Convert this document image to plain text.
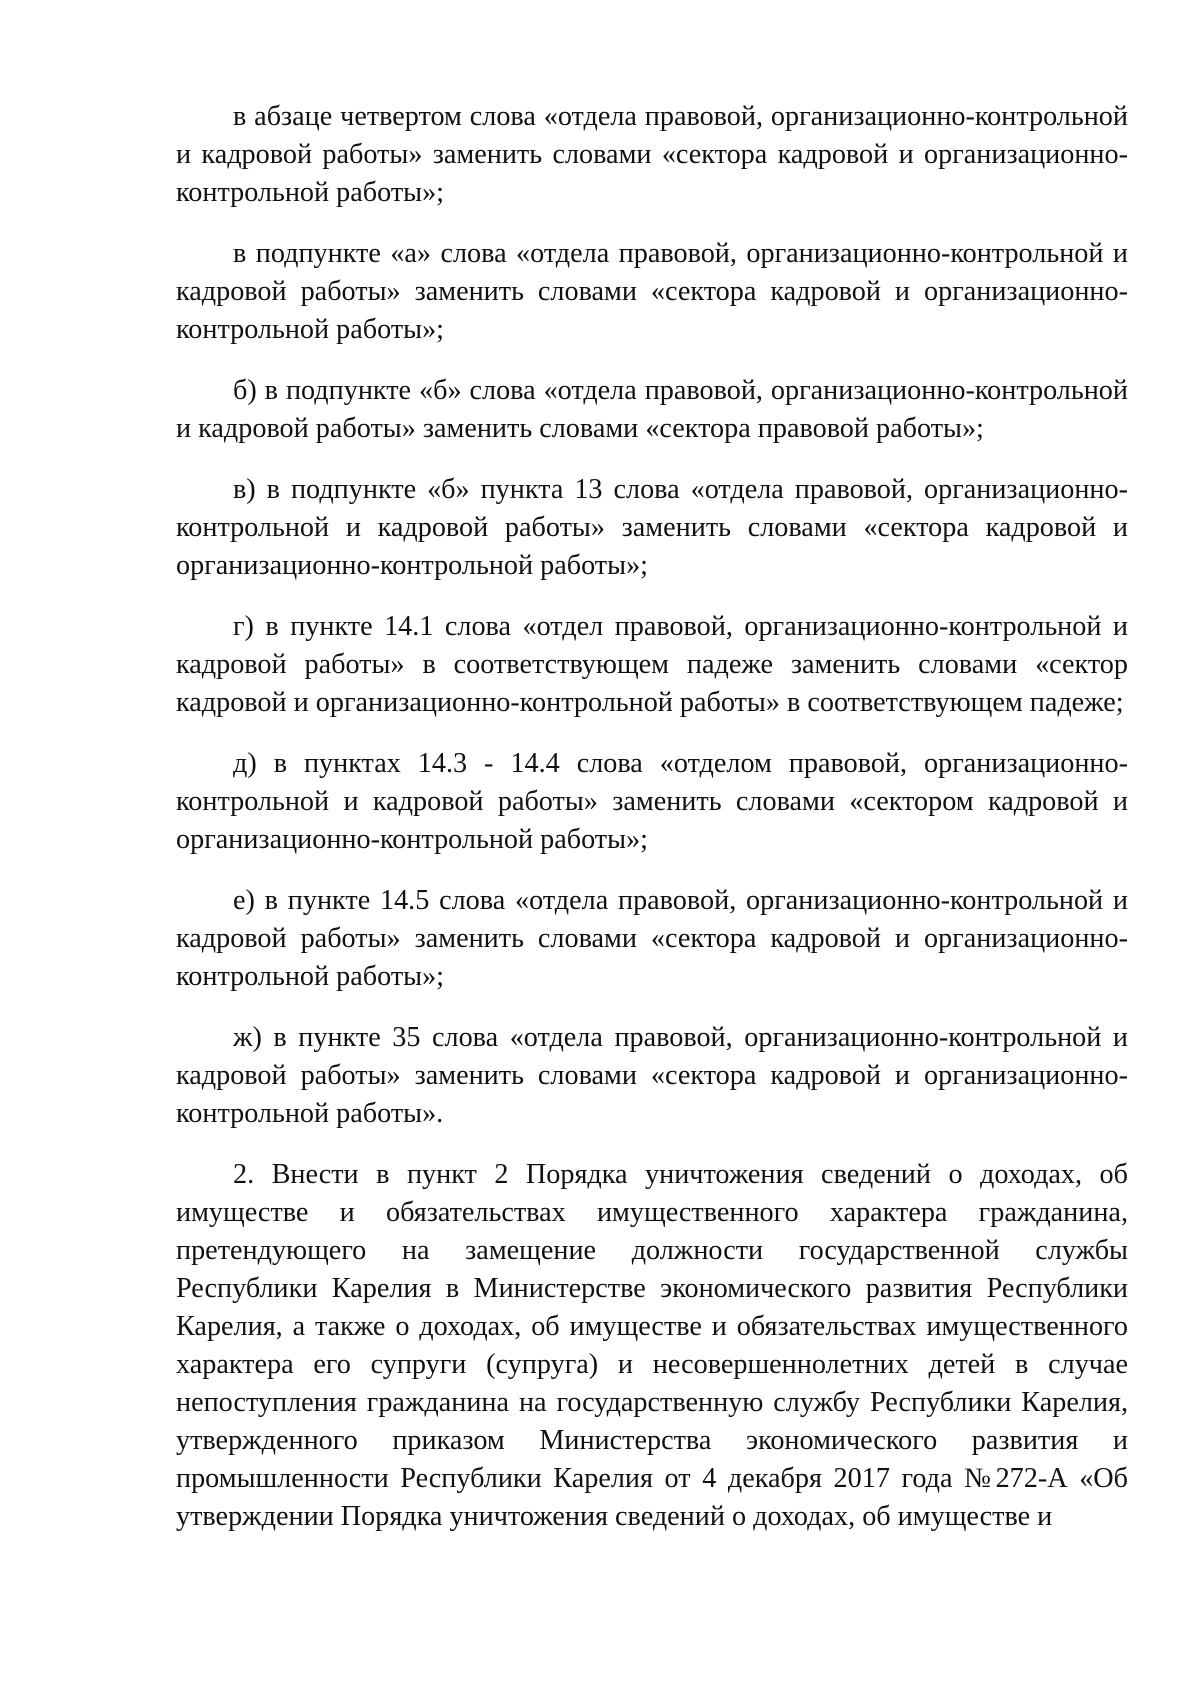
в абзаце четвертом слова «отдела правовой, организационно-контрольной и кадровой работы» заменить словами «сектора кадровой и организационно-контрольной работы»;

в подпункте «а» слова «отдела правовой, организационно-контрольной и кадровой работы» заменить словами «сектора кадровой и организационно-контрольной работы»;

б) в подпункте «б» слова «отдела правовой, организационно-контрольной и кадровой работы» заменить словами «сектора правовой работы»;

в) в подпункте «б» пункта 13 слова «отдела правовой, организационно-контрольной и кадровой работы» заменить словами «сектора кадровой и организационно-контрольной работы»;

г) в пункте 14.1 слова «отдел правовой, организационно-контрольной и кадровой работы» в соответствующем падеже заменить словами «сектор кадровой и организационно-контрольной работы» в соответствующем падеже;

д) в пунктах 14.3 - 14.4 слова «отделом правовой, организационно-контрольной и кадровой работы» заменить словами «сектором кадровой и организационно-контрольной работы»;

е) в пункте 14.5 слова «отдела правовой, организационно-контрольной и кадровой работы» заменить словами «сектора кадровой и организационно-контрольной работы»;

ж) в пункте 35 слова «отдела правовой, организационно-контрольной и кадровой работы» заменить словами «сектора кадровой и организационно-контрольной работы».

2. Внести в пункт 2 Порядка уничтожения сведений о доходах, об имуществе и обязательствах имущественного характера гражданина, претендующего на замещение должности государственной службы Республики Карелия в Министерстве экономического развития Республики Карелия, а также о доходах, об имуществе и обязательствах имущественного характера его супруги (супруга) и несовершеннолетних детей в случае непоступления гражданина на государственную службу Республики Карелия, утвержденного приказом Министерства экономического развития и промышленности Республики Карелия от 4 декабря 2017 года №272-А «Об утверждении Порядка уничтожения сведений о доходах, об имуществе и
